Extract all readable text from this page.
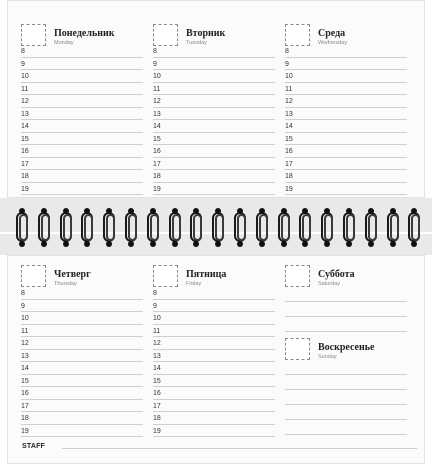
Понедельник
Monday
8
9
10
11
12
13
14
15
16
17
18
19
Вторник
Tuesday
8
9
10
11
12
13
14
15
16
17
18
19
Среда
Wednesday
8
9
10
11
12
13
14
15
16
17
18
19
Четверг
Thursday
8
9
10
11
12
13
14
15
16
17
18
19
Пятница
Friday
8
9
10
11
12
13
14
15
16
17
18
19
Суббота
Saturday
Воскресенье
Sunday
STAFF
